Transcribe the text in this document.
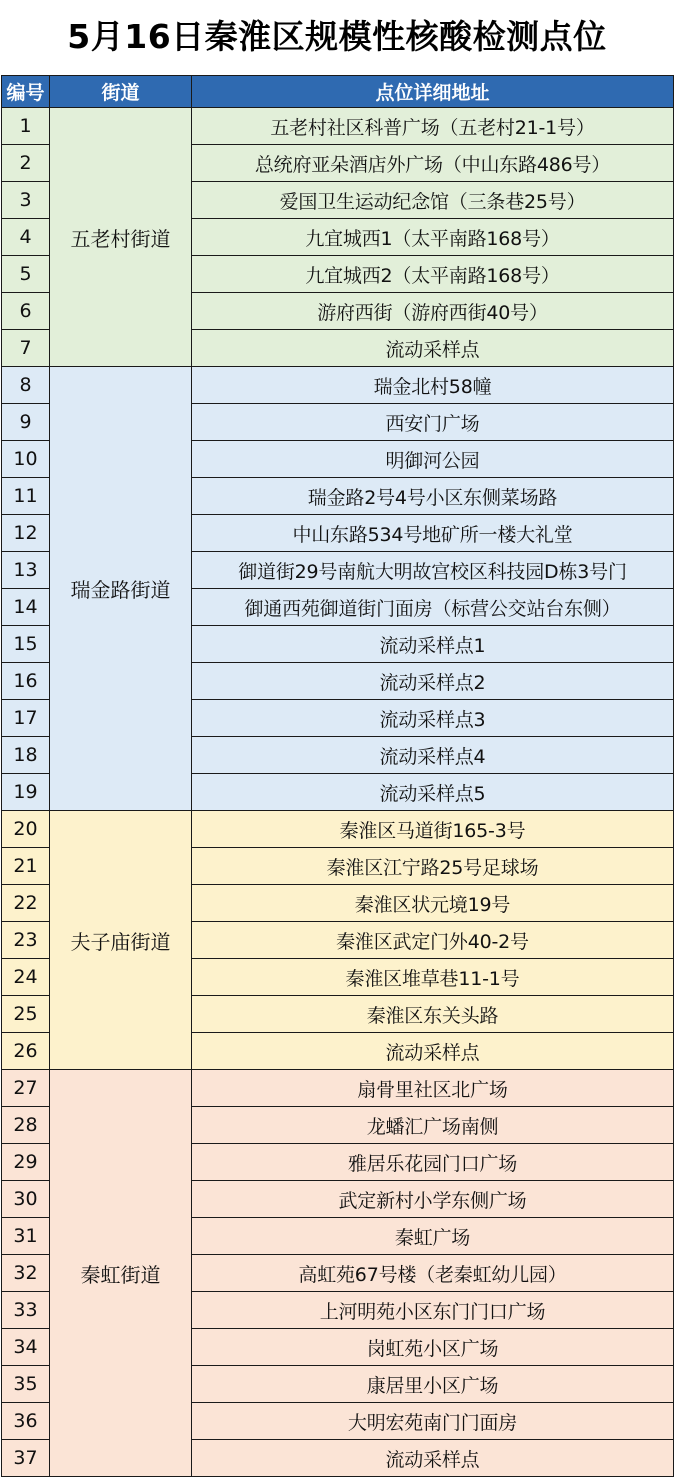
5月16日秦淮区规模性核酸检测点位
编号	街道	点位详细地址
1	五老村街道	五老村社区科普广场（五老村21-1号）
2		总统府亚朵酒店外广场（中山东路486号）
3		爱国卫生运动纪念馆（三条巷25号）
4		九宜城西1（太平南路168号）
5		九宜城西2（太平南路168号）
6		游府西街（游府西街40号）
7		流动采样点
8	瑞金路街道	瑞金北村58幢
9		西安门广场
10		明御河公园
11		瑞金路2号4号小区东侧菜场路
12		中山东路534号地矿所一楼大礼堂
13		御道街29号南航大明故宫校区科技园D栋3号门
14		御通西苑御道街门面房（标营公交站台东侧）
15		流动采样点1
16		流动采样点2
17		流动采样点3
18		流动采样点4
19		流动采样点5
20	夫子庙街道	秦淮区马道街165-3号
21		秦淮区江宁路25号足球场
22		秦淮区状元境19号
23		秦淮区武定门外40-2号
24		秦淮区堆草巷11-1号
25		秦淮区东关头路
26		流动采样点
27	秦虹街道	扇骨里社区北广场
28		龙蟠汇广场南侧
29		雅居乐花园门口广场
30		武定新村小学东侧广场
31		秦虹广场
32		高虹苑67号楼（老秦虹幼儿园）
33		上河明苑小区东门门口广场
34		岗虹苑小区广场
35		康居里小区广场
36		大明宏苑南门门面房
37		流动采样点
